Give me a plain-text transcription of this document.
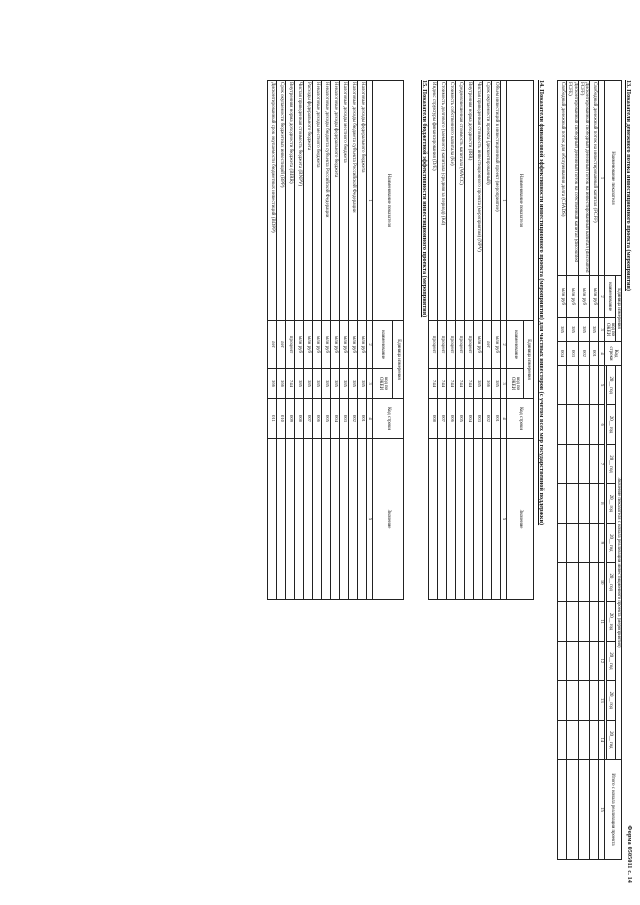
Форма 0505011 с. 14
13. Показатели денежного потока инвестиционного проекта (мероприятия)
Наименование показателя	Единица измерения		Код строки	Значение показателя с начала реализации инвестиционного проекта (мероприятия)										Итого с начала реализации проекта
	наименование	код по ОКЕИ		20__ год	20__ год	20__ год	20__ год	20__ год	20__ год	20__ год	20__ год	20__ год	20__ год	

1	2	3	4	5	6	7	8	9	10	11	12	13	14	15
Свободный денежный поток на инвестированный капитал (FCFF)	млн руб	385	001											
Дисконтированный свободный денежный поток на инвестированный капитал (discounted FCFF)	млн руб	385	002											
Дисконтированный свободный денежный поток на собственный капитал (discounted FCFE)	млн руб	385	003											
Свободный денежный поток для обслуживания долга (CFADS)	млн руб	385	004											
14. Показатели финансовой эффективности инвестиционного проекта (мероприятия) для частных инвесторов (с учетом всех мер государственной поддержки)
Наименование показателя	Единица измерения		Код строки	Значение
	наименование	код по ОКЕИ		
1	2	3	4	5
Объем инвестиций в инвестиционный проект (мероприятие)	млн руб	385	001	
Срок окупаемости проекта (дисконтированный)	лет	366	002	
Чистая приведенная стоимость инвестиционного проекта (мероприятия) (NPV)	млн руб	385	003	
Внутренняя норма доходности (IRR)	процент	744	004	
Средневзвешенная стоимость капитала (WACC)	процент	744	005	
Стоимость собственного капитала (Ke)	процент	744	006	
Стоимость долгового (заемного) капитала (средняя за период) (Kd)	процент	744	007	
Индекс структуры финансирования (D/E)	процент	744	008	
15. Показатели бюджетной эффективности инвестиционного проекта (мероприятия)
Наименование показателя	Единица измерения		Код строки	Значение
	наименование	код по ОКЕИ		
1	2	3	4	5
Налоговые доходы федерального бюджета	млн руб	385	001	
Налоговые доходы бюджета субъекта Российской Федерации	млн руб	385	002	
Налоговые доходы местного бюджета	млн руб	385	003	
Неналоговые доходы федерального бюджета	млн руб	385	004	
Неналоговые доходы бюджета субъекта Российской Федерации	млн руб	385	005	
Неналоговые доходы местного бюджета	млн руб	385	006	
Расходы федерального бюджета	млн руб	385	007	
Чистая приведенная стоимость бюджета (BNPV)	млн руб	385	008	
Внутренняя норма доходности бюджета (BIRR)	процент	744	009	
Срок окупаемости бюджетных инвестиций (BPP)	лет	366	010	
Дисконтированный срок окупаемости бюджетных инвестиций (BDPP)	лет	366	011	
